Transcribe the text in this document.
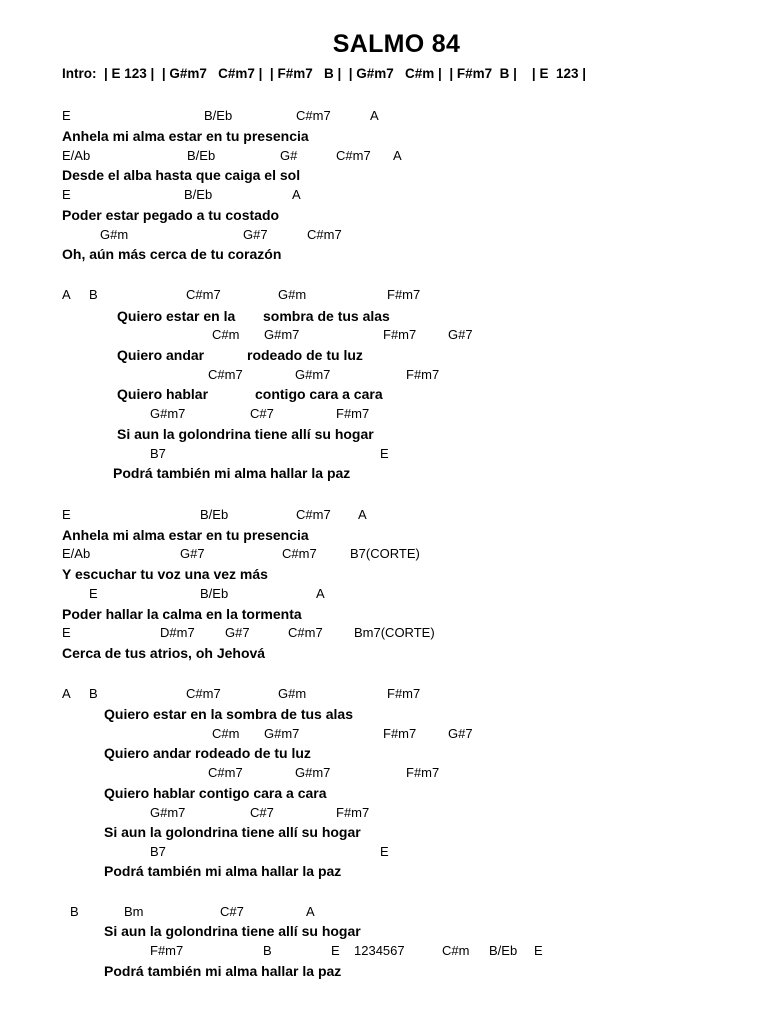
SALMO 84
Intro:  | E 123 |  | G#m7   C#m7 |  | F#m7   B |  | G#m7   C#m |  | F#m7  B |    | E  123 |
E	B/Eb	C#m7	A
Anhela mi alma estar en tu presencia
E/Ab	B/Eb	G#	C#m7 A
Desde el alba hasta que caiga el sol
E	B/Eb	A
Poder estar pegado a tu costado
G#m	G#7	C#m7
Oh, aún más cerca de tu corazón
A B	C#m7	G#m	F#m7
Quiero estar en la sombra de tus alas
C#m G#m7	F#m7 G#7
Quiero andar	rodeado de tu luz
C#m7	G#m7	F#m7
Quiero hablar	contigo cara a cara
G#m7	C#7	F#m7
Si aun la golondrina tiene allí su hogar
B7	E
Podrá también mi alma hallar la paz
E	B/Eb	C#m7 A
Anhela mi alma estar en tu presencia
E/Ab	G#7	C#m7	B7(CORTE)
Y escuchar tu voz una vez más
E	B/Eb	A
Poder hallar la calma en la tormenta
E	D#m7 G#7	C#m7 Bm7(CORTE)
Cerca de tus atrios, oh Jehová
A B	C#m7	G#m	F#m7
Quiero estar en la sombra de tus alas
C#m G#m7	F#m7 G#7
Quiero andar rodeado de tu luz
C#m7	G#m7	F#m7
Quiero hablar contigo cara a cara
G#m7	C#7	F#m7
Si aun la golondrina tiene allí su hogar
B7	E
Podrá también mi alma hallar la paz
B	Bm	C#7	A
Si aun la golondrina tiene allí su hogar
F#m7	B	E 1234567	C#m B/Eb E
Podrá también mi alma hallar la paz
